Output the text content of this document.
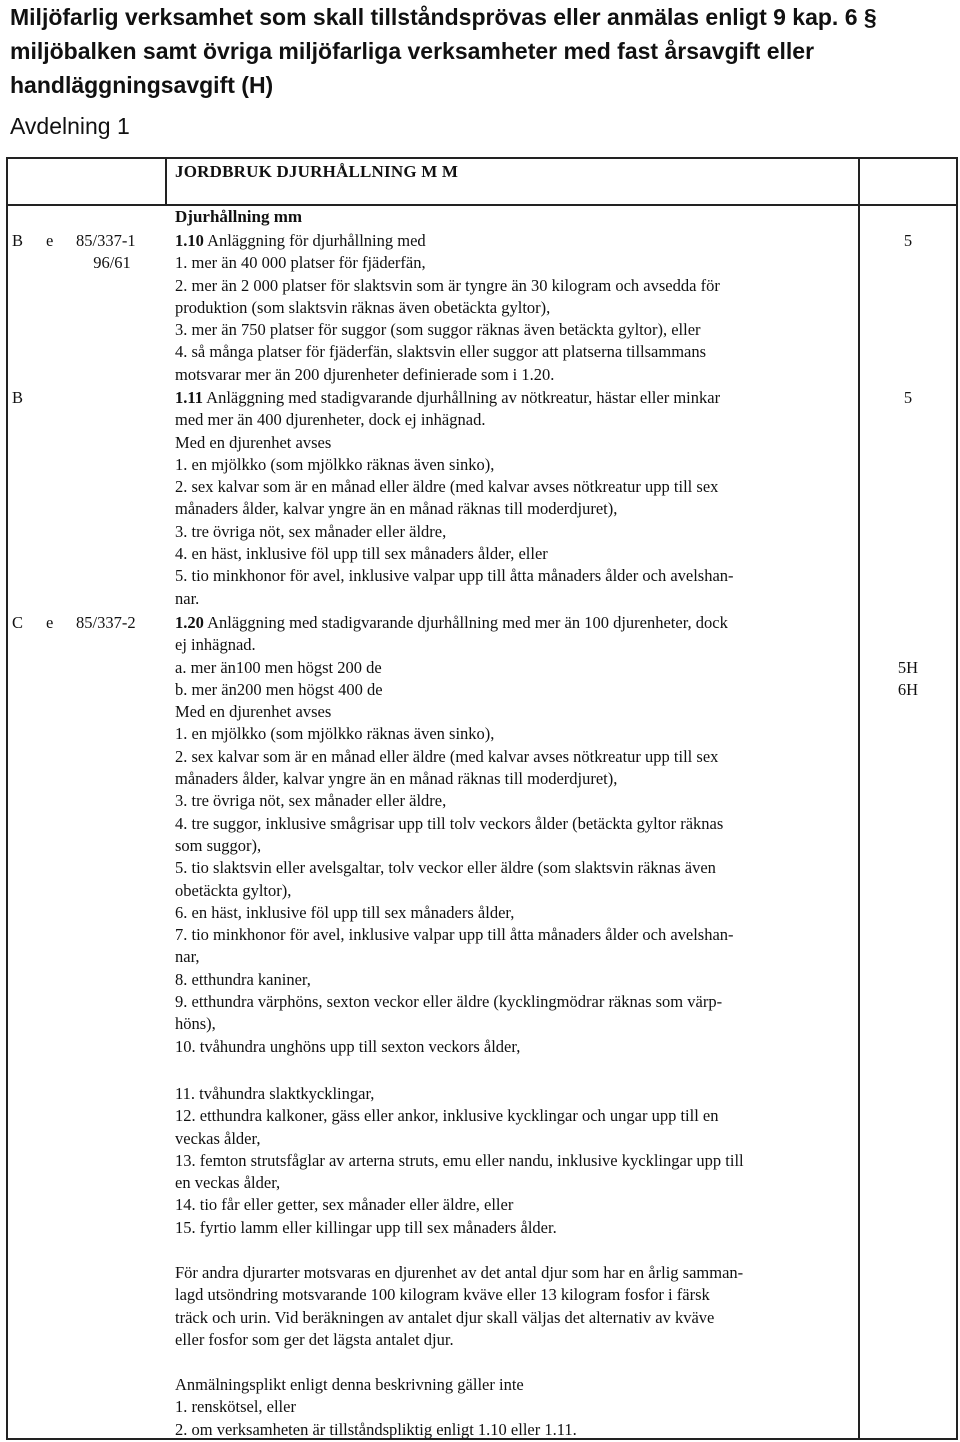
Miljöfarlig verksamhet som skall tillståndsprövas eller anmälas enligt 9 kap. 6 §
miljöbalken samt övriga miljöfarliga verksamheter med fast årsavgift eller
handläggningsavgift (H)
Avdelning 1
JORDBRUK DJURHÅLLNING M M
Djurhållning mm
B e 85/337-1
96/61
5
1.10 Anläggning för djurhållning med
1. mer än 40 000 platser för fjäderfän,
2. mer än 2 000 platser för slaktsvin som är tyngre än 30 kilogram och avsedda för
produktion (som slaktsvin räknas även obetäckta gyltor),
3. mer än 750 platser för suggor (som suggor räknas även betäckta gyltor), eller
4. så många platser för fjäderfän, slaktsvin eller suggor att platserna tillsammans
motsvarar mer än 200 djurenheter definierade som i 1.20.
B	5
1.11 Anläggning med stadigvarande djurhållning av nötkreatur, hästar eller minkar
med mer än 400 djurenheter, dock ej inhägnad.
Med en djurenhet avses
1. en mjölkko (som mjölkko räknas även sinko),
2. sex kalvar som är en månad eller äldre (med kalvar avses nötkreatur upp till sex
månaders ålder, kalvar yngre än en månad räknas till moderdjuret),
3. tre övriga nöt, sex månader eller äldre,
4. en häst, inklusive föl upp till sex månaders ålder, eller
5. tio minkhonor för avel, inklusive valpar upp till åtta månaders ålder och avelshan-
nar.
C e 85/337-2
5H
6H
1.20 Anläggning med stadigvarande djurhållning med mer än 100 djurenheter, dock
ej inhägnad.
a. mer än100 men högst 200 de
b. mer än200 men högst 400 de
Med en djurenhet avses
1. en mjölkko (som mjölkko räknas även sinko),
2. sex kalvar som är en månad eller äldre (med kalvar avses nötkreatur upp till sex
månaders ålder, kalvar yngre än en månad räknas till moderdjuret),
3. tre övriga nöt, sex månader eller äldre,
4. tre suggor, inklusive smågrisar upp till tolv veckors ålder (betäckta gyltor räknas
som suggor),
5. tio slaktsvin eller avelsgaltar, tolv veckor eller äldre (som slaktsvin räknas även
obetäckta gyltor),
6. en häst, inklusive föl upp till sex månaders ålder,
7. tio minkhonor för avel, inklusive valpar upp till åtta månaders ålder och avelshan-
nar,
8. etthundra kaniner,
9. etthundra värphöns, sexton veckor eller äldre (kycklingmödrar räknas som värp-
höns),
10. tvåhundra unghöns upp till sexton veckors ålder,
11. tvåhundra slaktkycklingar,
12. etthundra kalkoner, gäss eller ankor, inklusive kycklingar och ungar upp till en
veckas ålder,
13. femton strutsfåglar av arterna struts, emu eller nandu, inklusive kycklingar upp till
en veckas ålder,
14. tio får eller getter, sex månader eller äldre, eller
15. fyrtio lamm eller killingar upp till sex månaders ålder.
För andra djurarter motsvaras en djurenhet av det antal djur som har en årlig samman-
lagd utsöndring motsvarande 100 kilogram kväve eller 13 kilogram fosfor i färsk
träck och urin. Vid beräkningen av antalet djur skall väljas det alternativ av kväve
eller fosfor som ger det lägsta antalet djur.
Anmälningsplikt enligt denna beskrivning gäller inte
1. renskötsel, eller
2. om verksamheten är tillståndspliktig enligt 1.10 eller 1.11.
